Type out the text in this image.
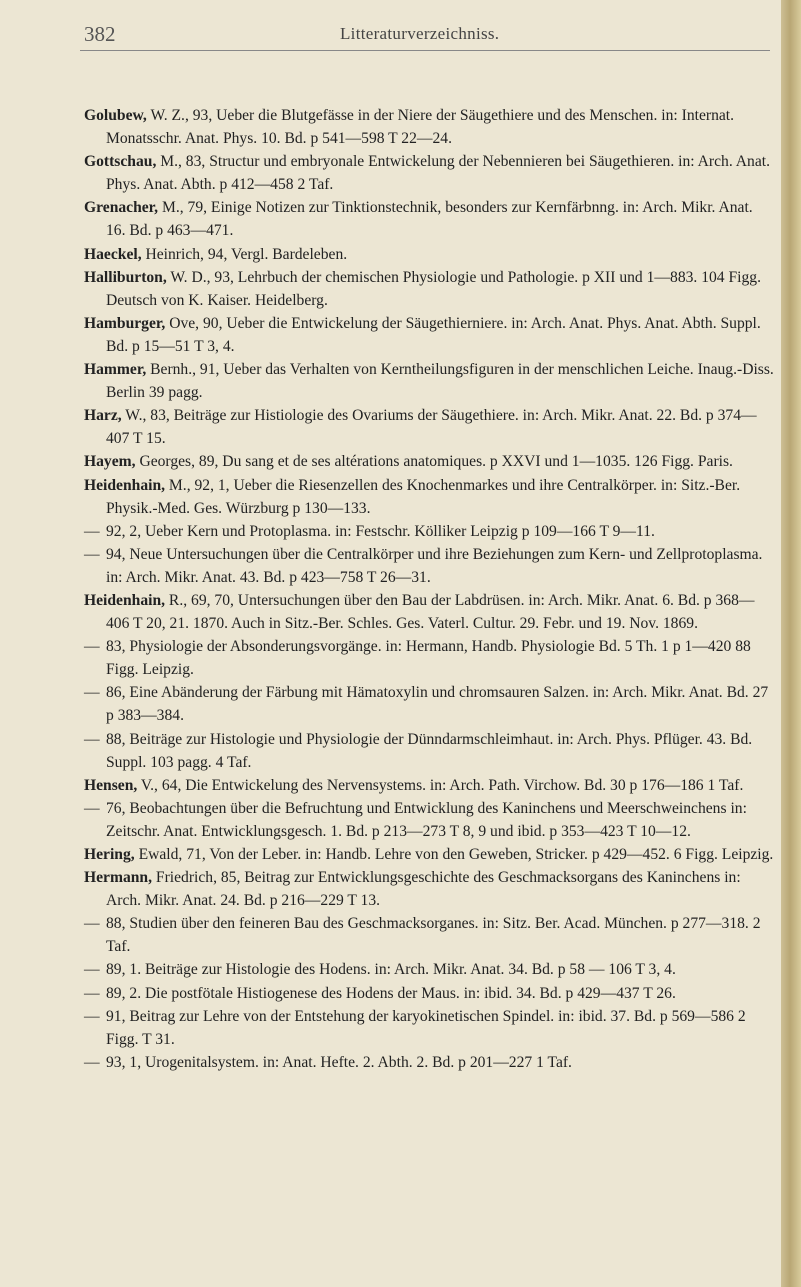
382	Litteraturverzeichniss.

Golubew, W. Z., 93, Ueber die Blutgefässe in der Niere der Säugethiere und des Menschen. in: Internat. Monatsschr. Anat. Phys. 10. Bd. p 541—598 T 22—24.

Gottschau, M., 83, Structur und embryonale Entwickelung der Nebennieren bei Säugethieren. in: Arch. Anat. Phys. Anat. Abth. p 412—458 2 Taf.

Grenacher, M., 79, Einige Notizen zur Tinktionstechnik, besonders zur Kernfärbnng. in: Arch. Mikr. Anat. 16. Bd. p 463—471.

Haeckel, Heinrich, 94, Vergl. Bardeleben.

Halliburton, W. D., 93, Lehrbuch der chemischen Physiologie und Pathologie. p XII und 1—883. 104 Figg. Deutsch von K. Kaiser. Heidelberg.

Hamburger, Ove, 90, Ueber die Entwickelung der Säugethierniere. in: Arch. Anat. Phys. Anat. Abth. Suppl. Bd. p 15—51 T 3, 4.

Hammer, Bernh., 91, Ueber das Verhalten von Kerntheilungsfiguren in der menschlichen Leiche. Inaug.-Diss. Berlin 39 pagg.

Harz, W., 83, Beiträge zur Histiologie des Ovariums der Säugethiere. in: Arch. Mikr. Anat. 22. Bd. p 374—407 T 15.

Hayem, Georges, 89, Du sang et de ses altérations anatomiques. p XXVI und 1—1035. 126 Figg. Paris.

Heidenhain, M., 92, 1, Ueber die Riesenzellen des Knochenmarkes und ihre Centralkörper. in: Sitz.-Ber. Physik.-Med. Ges. Würzburg p 130—133.

— 92, 2, Ueber Kern und Protoplasma. in: Festschr. Kölliker Leipzig p 109—166 T 9—11.

— 94, Neue Untersuchungen über die Centralkörper und ihre Beziehungen zum Kern- und Zellprotoplasma. in: Arch. Mikr. Anat. 43. Bd. p 423—758 T 26—31.

Heidenhain, R., 69, 70, Untersuchungen über den Bau der Labdrüsen. in: Arch. Mikr. Anat. 6. Bd. p 368—406 T 20, 21. 1870. Auch in Sitz.-Ber. Schles. Ges. Vaterl. Cultur. 29. Febr. und 19. Nov. 1869.

— 83, Physiologie der Absonderungsvorgänge. in: Hermann, Handb. Physiologie Bd. 5 Th. 1 p 1—420 88 Figg. Leipzig.

— 86, Eine Abänderung der Färbung mit Hämatoxylin und chromsauren Salzen. in: Arch. Mikr. Anat. Bd. 27 p 383—384.

— 88, Beiträge zur Histologie und Physiologie der Dünndarmschleimhaut. in: Arch. Phys. Pflüger. 43. Bd. Suppl. 103 pagg. 4 Taf.

Hensen, V., 64, Die Entwickelung des Nervensystems. in: Arch. Path. Virchow. Bd. 30 p 176—186 1 Taf.

— 76, Beobachtungen über die Befruchtung und Entwicklung des Kaninchens und Meerschweinchens in: Zeitschr. Anat. Entwicklungsgesch. 1. Bd. p 213—273 T 8, 9 und ibid. p 353—423 T 10—12.

Hering, Ewald, 71, Von der Leber. in: Handb. Lehre von den Geweben, Stricker. p 429—452. 6 Figg. Leipzig.

Hermann, Friedrich, 85, Beitrag zur Entwicklungsgeschichte des Geschmacksorgans des Kaninchens in: Arch. Mikr. Anat. 24. Bd. p 216—229 T 13.

— 88, Studien über den feineren Bau des Geschmacksorganes. in: Sitz. Ber. Acad. München. p 277—318. 2 Taf.

— 89, 1. Beiträge zur Histologie des Hodens. in: Arch. Mikr. Anat. 34. Bd. p 58 — 106 T 3, 4.

— 89, 2. Die postfötale Histiogenese des Hodens der Maus. in: ibid. 34. Bd. p 429—437 T 26.

— 91, Beitrag zur Lehre von der Entstehung der karyokinetischen Spindel. in: ibid. 37. Bd. p 569—586 2 Figg. T 31.

— 93, 1, Urogenitalsystem. in: Anat. Hefte. 2. Abth. 2. Bd. p 201—227 1 Taf.
